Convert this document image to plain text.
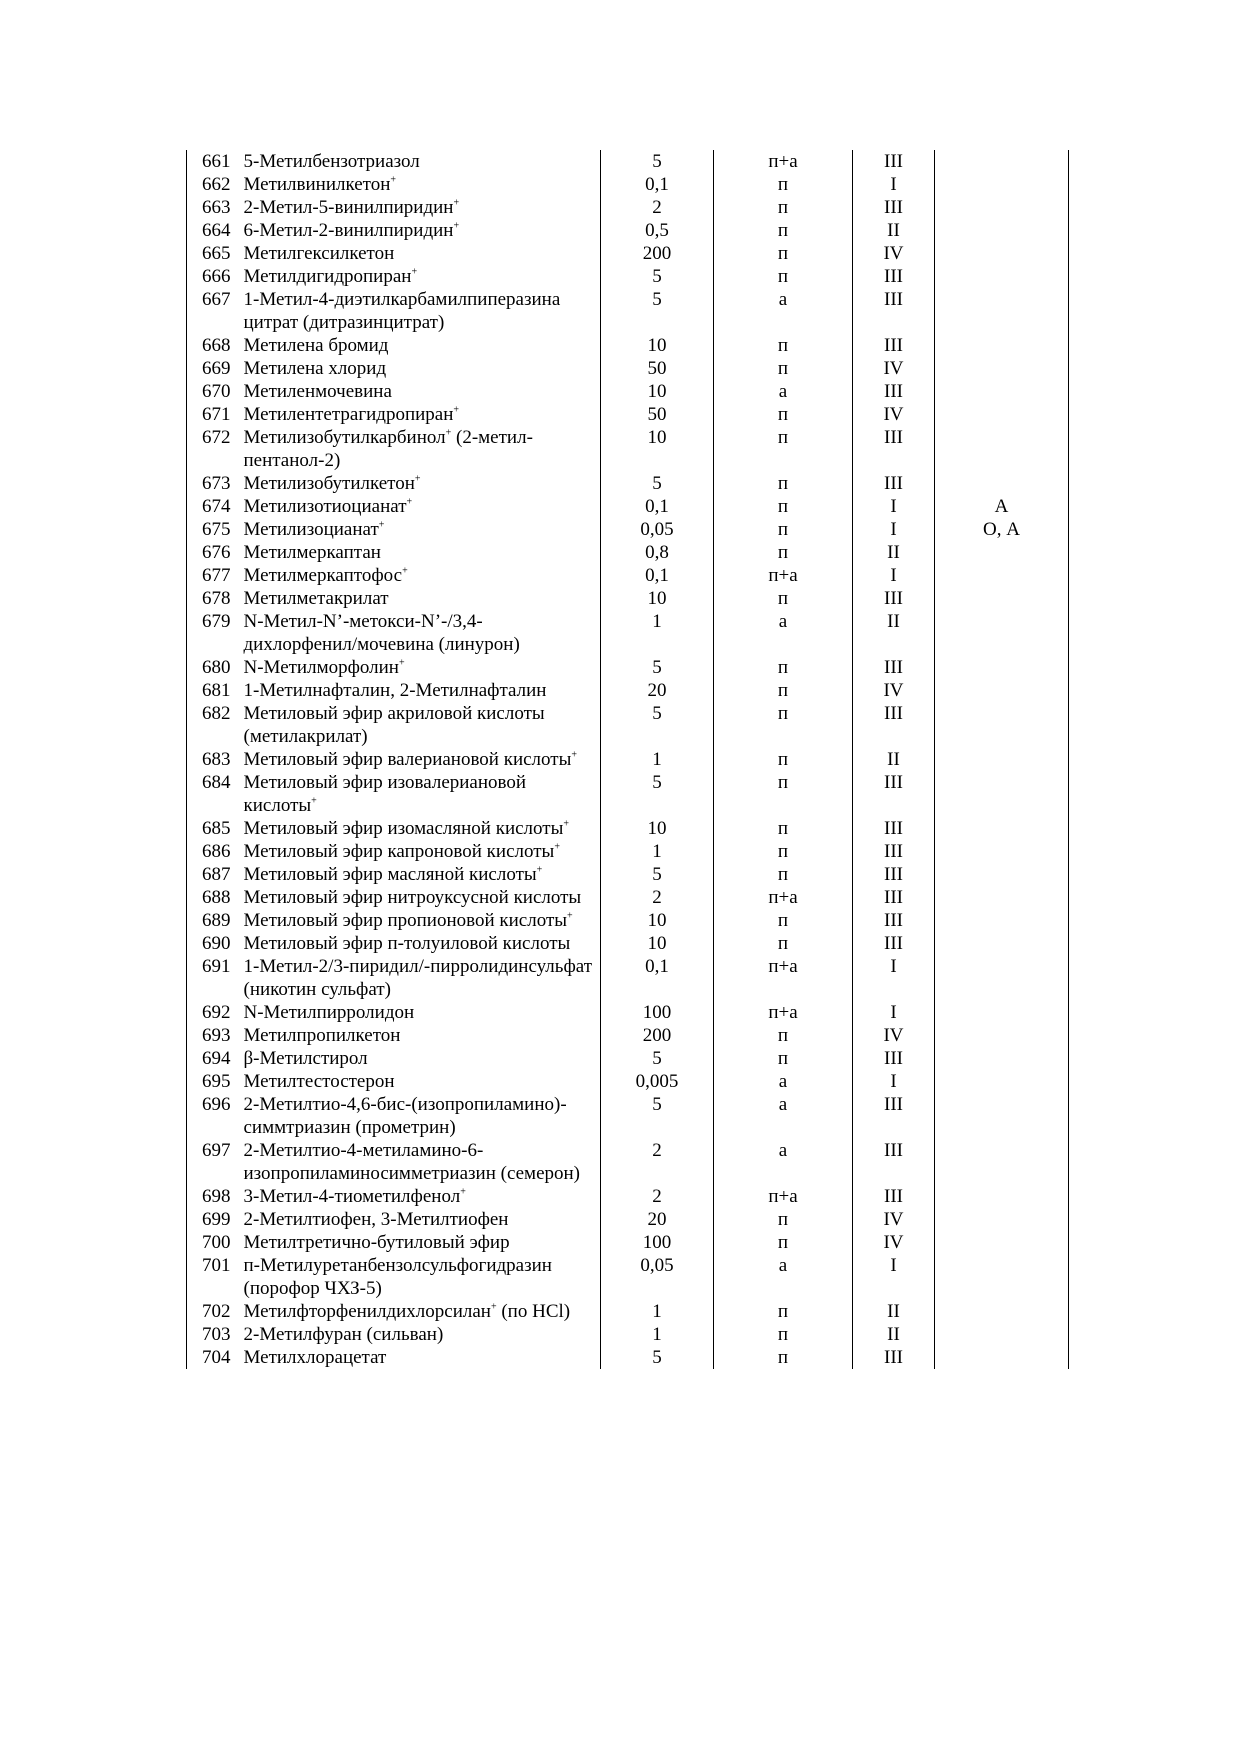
661	5-Метилбензотриазол	5	п+а	III	
662	Метилвинилкетон+	0,1	п	I	
663	2-Метил-5-винилпиридин+	2	п	III	
664	6-Метил-2-винилпиридин+	0,5	п	II	
665	Метилгексилкетон	200	п	IV	
666	Метилдигидропиран+	5	п	III	
667	1-Метил-4-диэтилкарбамилпиперазина цитрат (дитразинцитрат)	5	а	III	
668	Метилена бромид	10	п	III	
669	Метилена хлорид	50	п	IV	
670	Метиленмочевина	10	а	III	
671	Метилентетрагидропиран+	50	п	IV	
672	Метилизобутилкарбинол+ (2-метил-пентанол-2)	10	п	III	
673	Метилизобутилкетон+	5	п	III	
674	Метилизотиоцианат+	0,1	п	I	А
675	Метилизоцианат+	0,05	п	I	О, А
676	Метилмеркаптан	0,8	п	II	
677	Метилмеркаптофос+	0,1	п+а	I	
678	Метилметакрилат	10	п	III	
679	N-Метил-N’-метокси-N’-/3,4-дихлорфенил/мочевина (линурон)	1	а	II	
680	N-Метилморфолин+	5	п	III	
681	1-Метилнафталин, 2-Метилнафталин	20	п	IV	
682	Метиловый эфир акриловой кислоты (метилакрилат)	5	п	III	
683	Метиловый эфир валериановой кислоты+	1	п	II	
684	Метиловый эфир изовалериановой кислоты+	5	п	III	
685	Метиловый эфир изомасляной кислоты+	10	п	III	
686	Метиловый эфир капроновой кислоты+	1	п	III	
687	Метиловый эфир масляной кислоты+	5	п	III	
688	Метиловый эфир нитроуксусной кислоты	2	п+а	III	
689	Метиловый эфир пропионовой кислоты+	10	п	III	
690	Метиловый эфир п-толуиловой кислоты	10	п	III	
691	1-Метил-2/3-пиридил/-пирролидинсульфат (никотин сульфат)	0,1	п+а	I	
692	N-Метилпирролидон	100	п+а	I	
693	Метилпропилкетон	200	п	IV	
694	β-Метилстирол	5	п	III	
695	Метилтестостерон	0,005	а	I	
696	2-Метилтио-4,6-бис-(изопропиламино)-симмтриазин (прометрин)	5	а	III	
697	2-Метилтио-4-метиламино-6-изопропиламиносимметриазин (семерон)	2	а	III	
698	3-Метил-4-тиометилфенол+	2	п+а	III	
699	2-Метилтиофен, 3-Метилтиофен	20	п	IV	
700	Метилтретично-бутиловый эфир	100	п	IV	
701	п-Метилуретанбензолсульфогидразин (порофор ЧХЗ-5)	0,05	а	I	
702	Метилфторфенилдихлорсилан+ (по HCl)	1	п	II	
703	2-Метилфуран (сильван)	1	п	II	
704	Метилхлорацетат	5	п	III	
